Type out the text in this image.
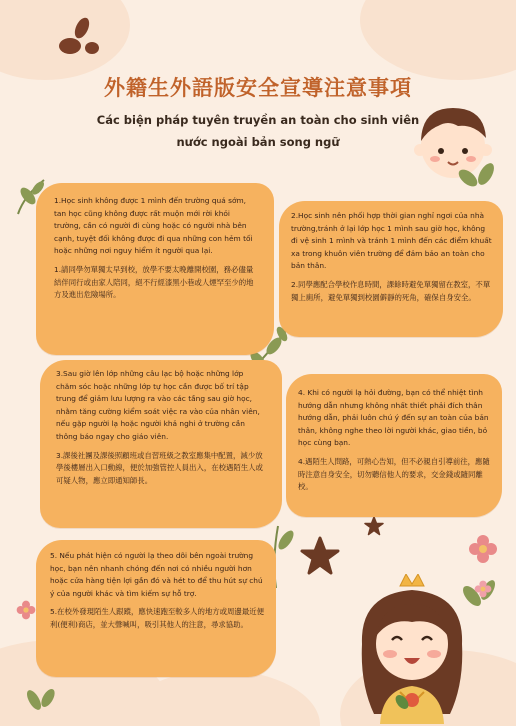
外籍生外語版安全宣導注意事項
Các biện pháp tuyên truyền an toàn cho sinh viên
nước ngoài bản song ngữ

1.Học sinh không được 1 mình đến trường quá sớm, tan học cũng không được rất muộn mới rời khỏi trường, cần có người đi cùng hoặc có người nhà bên cạnh, tuyệt đối không được đi qua những con hẻm tối hoặc những nơi nguy hiểm ít người qua lại.

1.請同學勿單獨太早到校，放學不要太晚離開校園，務必儘量結伴同行或由家人陪同，絕不行經漆黑小巷或人煙罕至少的地方及進出危險場所。

2.Học sinh nên phối hợp thời gian nghỉ ngơi của nhà trường,tránh ở lại lớp học 1 mình sau giờ học, không đi vệ sinh 1 mình và tránh 1 mình đến các điểm khuất xa trong khuôn viên trường để đảm bảo an toàn cho bản thân.

2.同學應配合學校作息時間，課餘時避免單獨留在教室，不單獨上廁所，避免單獨到校園僻靜的死角，確保自身安全。

3.Sau giờ lên lớp những câu lạc bộ hoặc những lớp chăm sóc hoặc những lớp tự học cần được bố trí tập trung để giảm lưu lượng ra vào các tầng sau giờ học, nhằm tăng cường kiểm soát việc ra vào của nhân viên, nếu gặp người lạ hoặc người khả nghi ở trường cần thông báo ngay cho giáo viên.

3.課後社團及課後照顧班或自習班級之教室應集中配置，減少放學後樓層出入口動線，便於加強管控人員出入，在校遇陌生人或可疑人物，應立即通知師長。

4. Khi có người lạ hỏi đường, bạn có thể nhiệt tình hướng dẫn nhưng không nhất thiết phải đích thân hướng dẫn, phải luôn chú ý đến sự an toàn của bản thân, không nghe theo lời người khác, giao tiền, bỏ học cùng bạn.

4.遇陌生人問路，可熱心告知，但不必親自引導前往，應隨時注意自身安全，切勿聽信他人的要求，交金錢或隨同離校。

5. Nếu phát hiện có người lạ theo dõi bên ngoài trường học, bạn nên nhanh chóng đến nơi có nhiều người hơn hoặc cửa hàng tiện lợi gần đó và hét to để thu hút sự chú ý của người khác và tìm kiếm sự hỗ trợ.

5.在校外發現陌生人跟蹤，應快速跑至較多人的地方或周邊最近便利(便利)商店，並大聲喊叫，吸引其他人的注意，尋求協助。
